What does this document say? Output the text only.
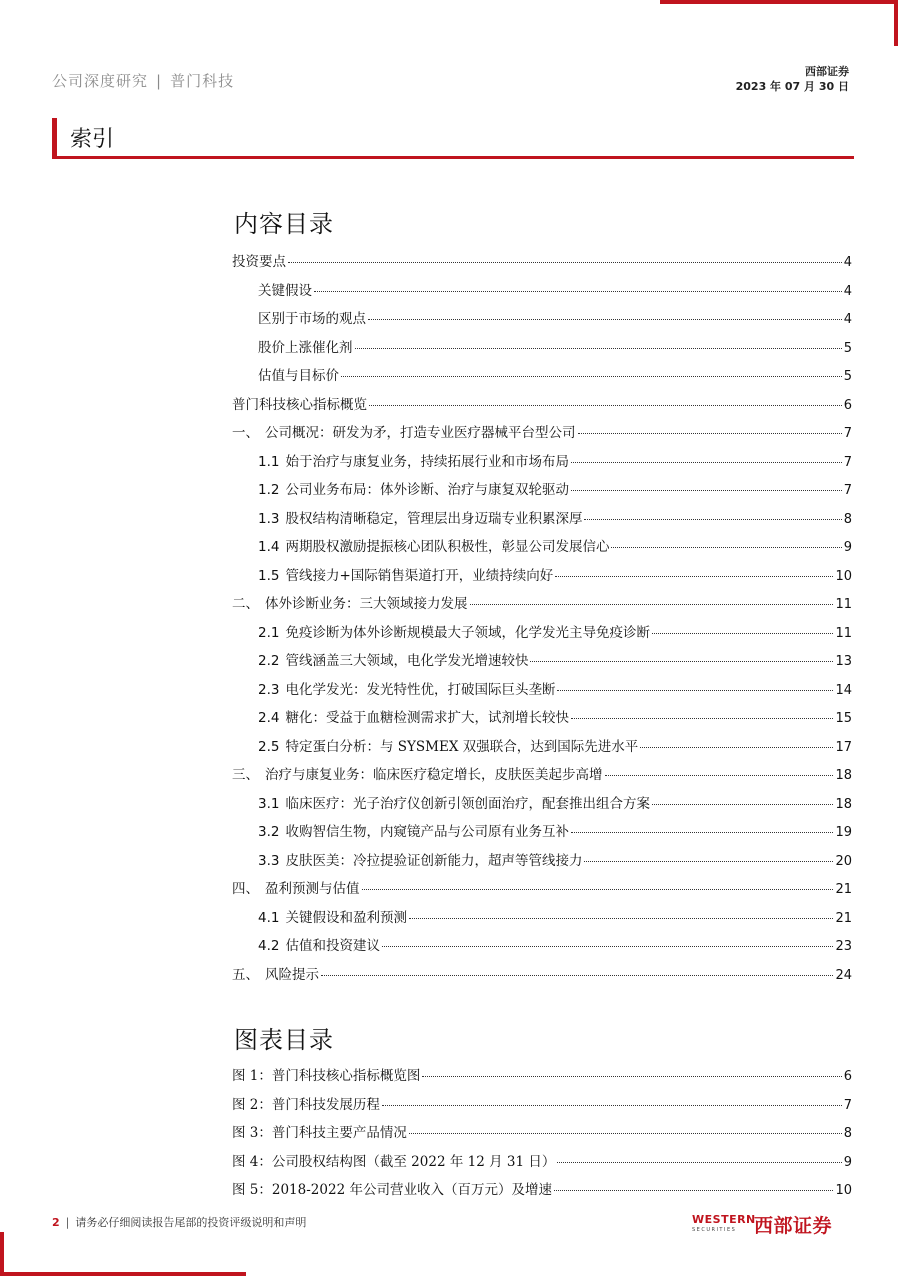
公司深度研究 | 普门科技
西部证券
2023 年 07 月 30 日
索引
内容目录
投资要点	4
关键假设	4
区别于市场的观点	4
股价上涨催化剂	5
估值与目标价	5
普门科技核心指标概览	6
一、 公司概况：研发为矛，打造专业医疗器械平台型公司	7
1.1 始于治疗与康复业务，持续拓展行业和市场布局	7
1.2 公司业务布局：体外诊断、治疗与康复双轮驱动	7
1.3 股权结构清晰稳定，管理层出身迈瑞专业积累深厚	8
1.4 两期股权激励提振核心团队积极性，彰显公司发展信心	9
1.5 管线接力+国际销售渠道打开，业绩持续向好	10
二、 体外诊断业务：三大领域接力发展	11
2.1 免疫诊断为体外诊断规模最大子领域，化学发光主导免疫诊断	11
2.2 管线涵盖三大领域，电化学发光增速较快	13
2.3 电化学发光：发光特性优，打破国际巨头垄断	14
2.4 糖化：受益于血糖检测需求扩大，试剂增长较快	15
2.5 特定蛋白分析：与 SYSMEX 双强联合，达到国际先进水平	17
三、 治疗与康复业务：临床医疗稳定增长，皮肤医美起步高增	18
3.1 临床医疗：光子治疗仪创新引领创面治疗，配套推出组合方案	18
3.2 收购智信生物，内窥镜产品与公司原有业务互补	19
3.3 皮肤医美：冷拉提验证创新能力，超声等管线接力	20
四、 盈利预测与估值	21
4.1 关键假设和盈利预测	21
4.2 估值和投资建议	23
五、 风险提示	24
图表目录
图 1：普门科技核心指标概览图	6
图 2：普门科技发展历程	7
图 3：普门科技主要产品情况	8
图 4：公司股权结构图（截至 2022 年 12 月 31 日）	9
图 5：2018-2022 年公司营业收入（百万元）及增速	10
2 | 请务必仔细阅读报告尾部的投资评级说明和声明	WESTERN
SECURITIES 西部证券
